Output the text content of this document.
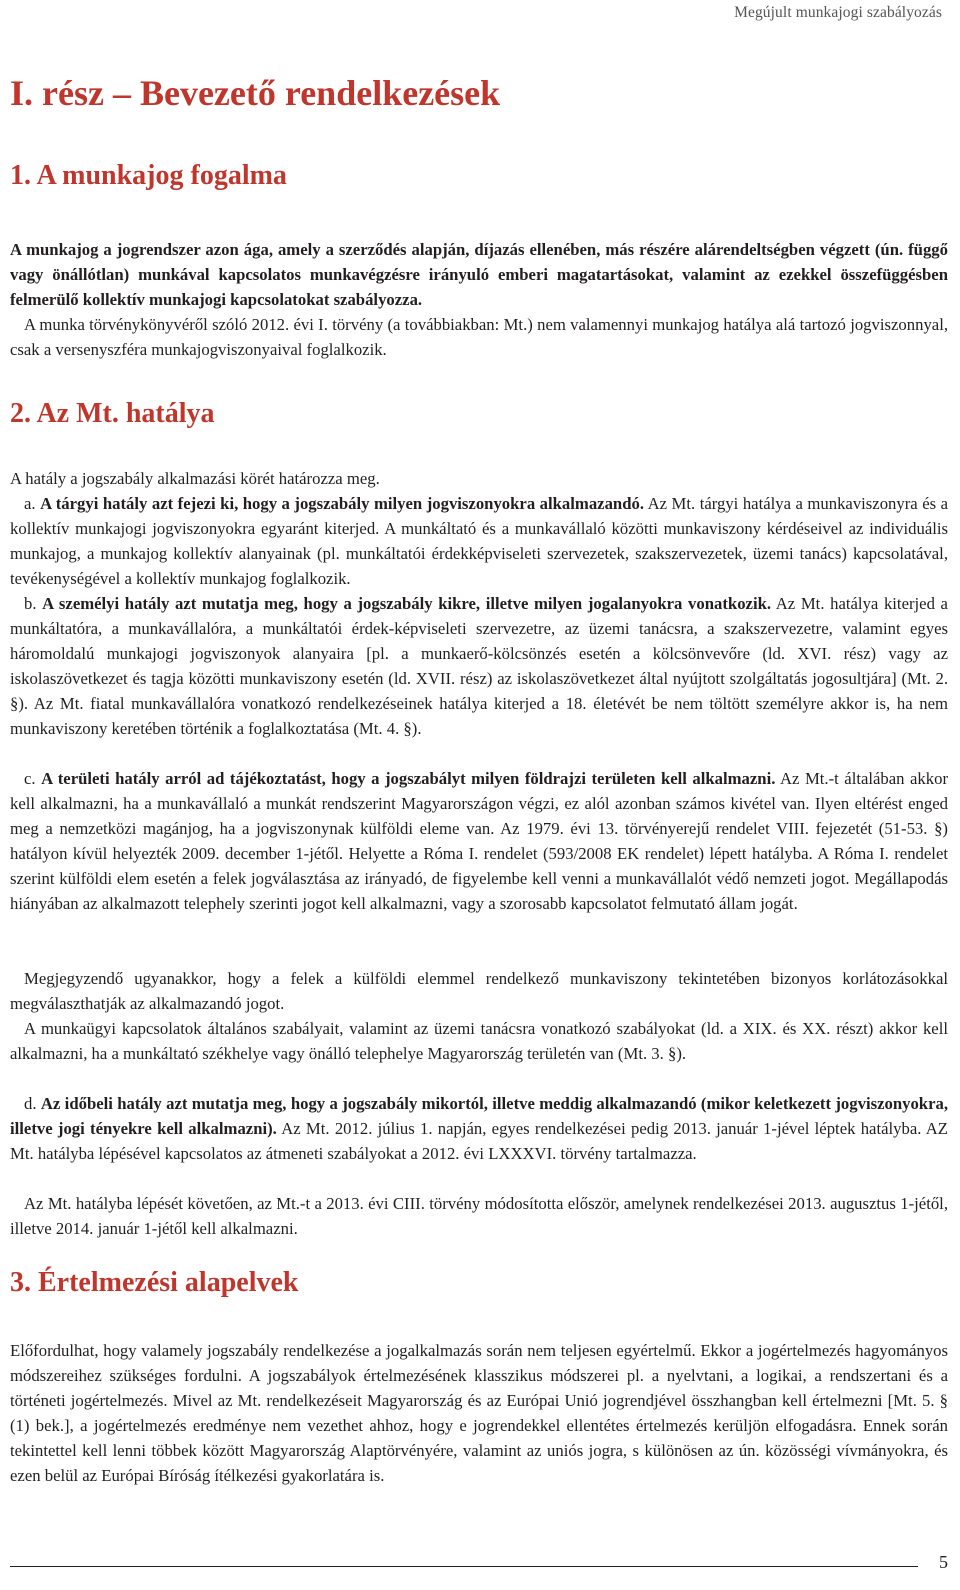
Megújult munkajogi szabályozás
I. rész – Bevezető rendelkezések
1. A munkajog fogalma

A munkajog a jogrendszer azon ága, amely a szerződés alapján, díjazás ellenében, más részére alárendeltségben végzett (ún. függő vagy önállótlan) munkával kapcsolatos munkavégzésre irányuló emberi magatartásokat, valamint az ezekkel összefüggésben felmerülő kollektív munkajogi kapcsolatokat szabályozza.

A munka törvénykönyvéről szóló 2012. évi I. törvény (a továbbiakban: Mt.) nem valamennyi munkajog hatálya alá tartozó jogviszonnyal, csak a versenyszféra munkajogviszonyaival foglalkozik.

2. Az Mt. hatálya

A hatály a jogszabály alkalmazási körét határozza meg.

a. A tárgyi hatály azt fejezi ki, hogy a jogszabály milyen jogviszonyokra alkalmazandó. Az Mt. tárgyi hatálya a munkaviszonyra és a kollektív munkajogi jogviszonyokra egyaránt kiterjed. A munkáltató és a munkavállaló közötti munkaviszony kérdéseivel az individuális munkajog, a munkajog kollektív alanyainak (pl. munkáltatói érdekképviseleti szervezetek, szakszervezetek, üzemi tanács) kapcsolatával, tevékenységével a kollektív munkajog foglalkozik.

b. A személyi hatály azt mutatja meg, hogy a jogszabály kikre, illetve milyen jogalanyokra vonatkozik. Az Mt. hatálya kiterjed a munkáltatóra, a munkavállalóra, a munkáltatói érdek-képviseleti szervezetre, az üzemi tanácsra, a szakszervezetre, valamint egyes háromoldalú munkajogi jogviszonyok alanyaira [pl. a munkaerő-kölcsönzés esetén a kölcsönvevőre (ld. XVI. rész) vagy az iskolaszövetkezet és tagja közötti munkaviszony esetén (ld. XVII. rész) az iskolaszövetkezet által nyújtott szolgáltatás jogosultjára] (Mt. 2. §). Az Mt. fiatal munkavállalóra vonatkozó rendelkezéseinek hatálya kiterjed a 18. életévét be nem töltött személyre akkor is, ha nem munkaviszony keretében történik a foglalkoztatása (Mt. 4. §).

c. A területi hatály arról ad tájékoztatást, hogy a jogszabályt milyen földrajzi területen kell alkalmazni. Az Mt.-t általában akkor kell alkalmazni, ha a munkavállaló a munkát rendszerint Magyarországon végzi, ez alól azonban számos kivétel van. Ilyen eltérést enged meg a nemzetközi magánjog, ha a jogviszonynak külföldi eleme van. Az 1979. évi 13. törvényerejű rendelet VIII. fejezetét (51-53. §) hatályon kívül helyezték 2009. december 1-jétől. Helyette a Róma I. rendelet (593/2008 EK rendelet) lépett hatályba. A Róma I. rendelet szerint külföldi elem esetén a felek jogválasztása az irányadó, de figyelembe kell venni a munkavállalót védő nemzeti jogot. Megállapodás hiányában az alkalmazott telephely szerinti jogot kell alkalmazni, vagy a szorosabb kapcsolatot felmutató állam jogát.

Megjegyzendő ugyanakkor, hogy a felek a külföldi elemmel rendelkező munkaviszony tekintetében bizonyos korlátozásokkal megválaszthatják az alkalmazandó jogot.

A munkaügyi kapcsolatok általános szabályait, valamint az üzemi tanácsra vonatkozó szabályokat (ld. a XIX. és XX. részt) akkor kell alkalmazni, ha a munkáltató székhelye vagy önálló telephelye Magyarország területén van (Mt. 3. §).

d. Az időbeli hatály azt mutatja meg, hogy a jogszabály mikortól, illetve meddig alkalmazandó (mikor keletkezett jogviszonyokra, illetve jogi tényekre kell alkalmazni). Az Mt. 2012. július 1. napján, egyes rendelkezései pedig 2013. január 1-jével léptek hatályba. AZ Mt. hatályba lépésével kapcsolatos az átmeneti szabályokat a 2012. évi LXXXVI. törvény tartalmazza.

Az Mt. hatályba lépését követően, az Mt.-t a 2013. évi CIII. törvény módosította először, amelynek rendelkezései 2013. augusztus 1-jétől, illetve 2014. január 1-jétől kell alkalmazni.

3. Értelmezési alapelvek

Előfordulhat, hogy valamely jogszabály rendelkezése a jogalkalmazás során nem teljesen egyértelmű. Ekkor a jogértelmezés hagyományos módszereihez szükséges fordulni. A jogszabályok értelmezésének klasszikus módszerei pl. a nyelvtani, a logikai, a rendszertani és a történeti jogértelmezés. Mivel az Mt. rendelkezéseit Magyarország és az Európai Unió jogrendjével összhangban kell értelmezni [Mt. 5. § (1) bek.], a jogértelmezés eredménye nem vezethet ahhoz, hogy e jogrendekkel ellentétes értelmezés kerüljön elfogadásra. Ennek során tekintettel kell lenni többek között Magyarország Alaptörvényére, valamint az uniós jogra, s különösen az ún. közösségi vívmányokra, és ezen belül az Európai Bíróság ítélkezési gyakorlatára is.

5
